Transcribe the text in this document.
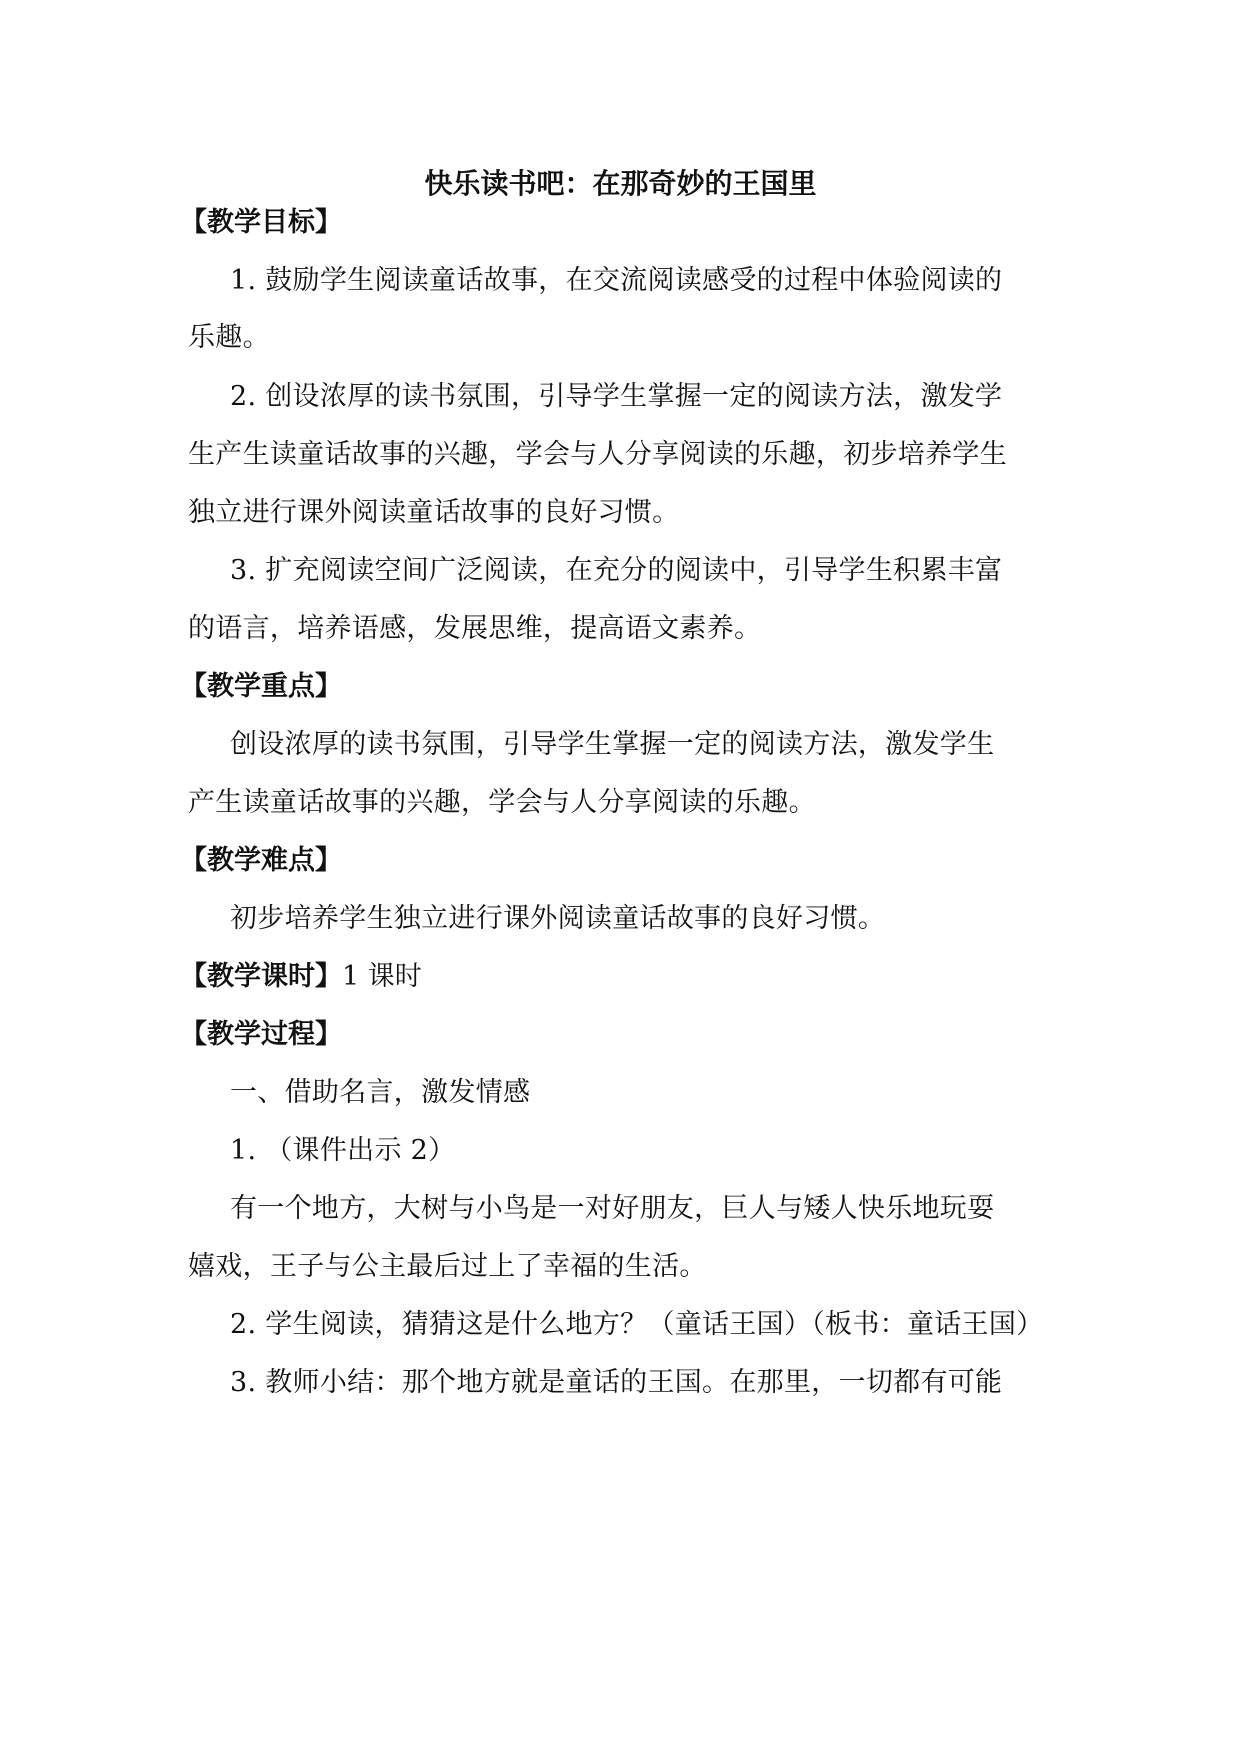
快乐读书吧：在那奇妙的王国里
【教学目标】
1. 鼓励学生阅读童话故事，在交流阅读感受的过程中体验阅读的
乐趣。
2. 创设浓厚的读书氛围，引导学生掌握一定的阅读方法，激发学
生产生读童话故事的兴趣，学会与人分享阅读的乐趣，初步培养学生
独立进行课外阅读童话故事的良好习惯。
3. 扩充阅读空间广泛阅读，在充分的阅读中，引导学生积累丰富
的语言，培养语感，发展思维，提高语文素养。
【教学重点】
创设浓厚的读书氛围，引导学生掌握一定的阅读方法，激发学生
产生读童话故事的兴趣，学会与人分享阅读的乐趣。
【教学难点】
初步培养学生独立进行课外阅读童话故事的良好习惯。
【教学课时】1 课时
【教学过程】
一、借助名言，激发情感
1. （课件出示 2）
有一个地方，大树与小鸟是一对好朋友，巨人与矮人快乐地玩耍
嬉戏，王子与公主最后过上了幸福的生活。
2. 学生阅读，猜猜这是什么地方？（童话王国）（板书：童话王国）
3. 教师小结：那个地方就是童话的王国。在那里，一切都有可能
